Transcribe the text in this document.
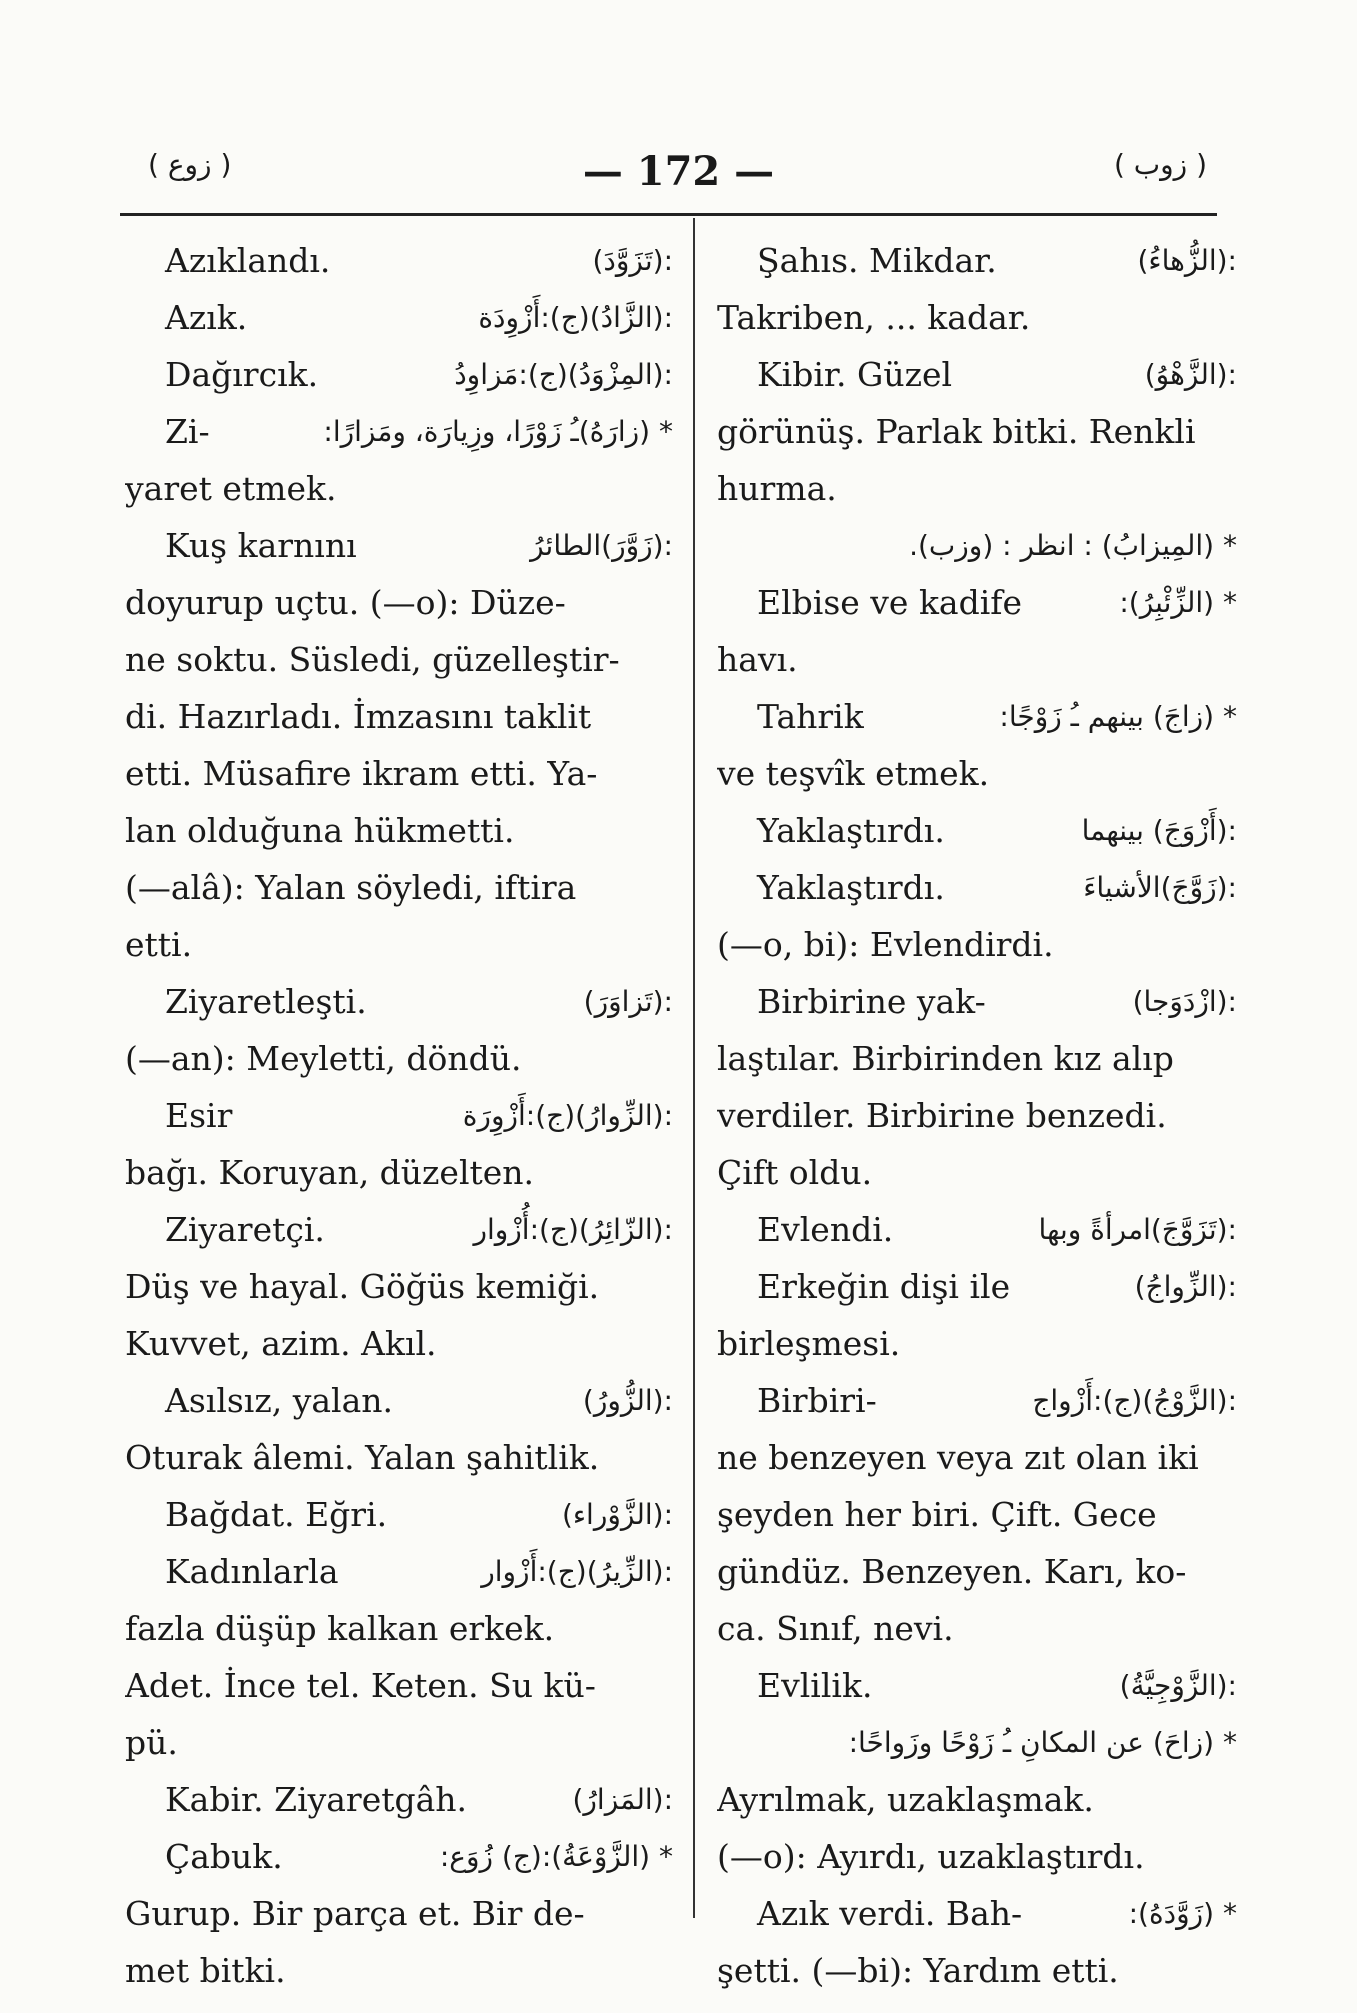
( زوع )	— 172 —	( زوب )
Azıklandı.	:(تَزَوَّدَ)
Azık.	:(الزَّادُ)(ج):أَزْوِدَة
Dağırcık.	:(المِزْوَدُ)(ج):مَزاوِدُ
Zi-	* (زارَهُ)ـُ زَوْرًا، وزِيارَة، ومَزارًا:
yaret etmek.
Kuş karnını	:(زَوَّرَ)الطائرُ
doyurup uçtu. (—o): Düze-
ne soktu. Süsledi, güzelleştir-
di. Hazırladı. İmzasını taklit
etti. Müsafire ikram etti. Ya-
lan olduğuna hükmetti.
(—alâ): Yalan söyledi, iftira
etti.
Ziyaretleşti.	:(تَزاوَرَ)
(—an): Meyletti, döndü.
Esir	:(الزِّوارُ)(ج):أَزْوِرَة
bağı. Koruyan, düzelten.
Ziyaretçi.	:(الزّائِرُ)(ج):أُزْوار
Düş ve hayal. Göğüs kemiği.
Kuvvet, azim. Akıl.
Asılsız, yalan.	:(الزُّورُ)
Oturak âlemi. Yalan şahitlik.
Bağdat. Eğri.	:(الزَّوْراء)
Kadınlarla	:(الزِّيرُ)(ج):أَزْوار
fazla düşüp kalkan erkek.
Adet. İnce tel. Keten. Su kü-
pü.
Kabir. Ziyaretgâh.	:(المَزارُ)
Çabuk.	* (الزَّوْعَةُ):(ج) زُوَع:
Gurup. Bir parça et. Bir de-
met bitki.
Şahıs. Mikdar.	:(الزُّهاءُ)
Takriben, ... kadar.
Kibir. Güzel	:(الزَّهْوُ)
görünüş. Parlak bitki. Renkli
hurma.
* (المِيزابُ) : انظر : (وزب).
Elbise ve kadife	* (الزِّئْبِرُ):
havı.
Tahrik	* (زاجَ) بينهم ـُ زَوْجًا:
ve teşvîk etmek.
Yaklaştırdı.	:(أَزْوَجَ) بينهما
Yaklaştırdı.	:(زَوَّجَ)الأشياءَ
(—o, bi): Evlendirdi.
Birbirine yak-	:(ازْدَوَجا)
laştılar. Birbirinden kız alıp
verdiler. Birbirine benzedi.
Çift oldu.
Evlendi.	:(تَزَوَّجَ)امرأةً وبها
Erkeğin dişi ile	:(الزِّواجُ)
birleşmesi.
Birbiri-	:(الزَّوْجُ)(ج):أَزْواج
ne benzeyen veya zıt olan iki
şeyden her biri. Çift. Gece
gündüz. Benzeyen. Karı, ko-
ca. Sınıf, nevi.
Evlilik.	:(الزَّوْجِيَّةُ)
* (زاحَ) عن المكانِ ـُ زَوْحًا وزَواحًا:
Ayrılmak, uzaklaşmak.
(—o): Ayırdı, uzaklaştırdı.
Azık verdi. Bah-	* (زَوَّدَهُ):
şetti. (—bi): Yardım etti.
